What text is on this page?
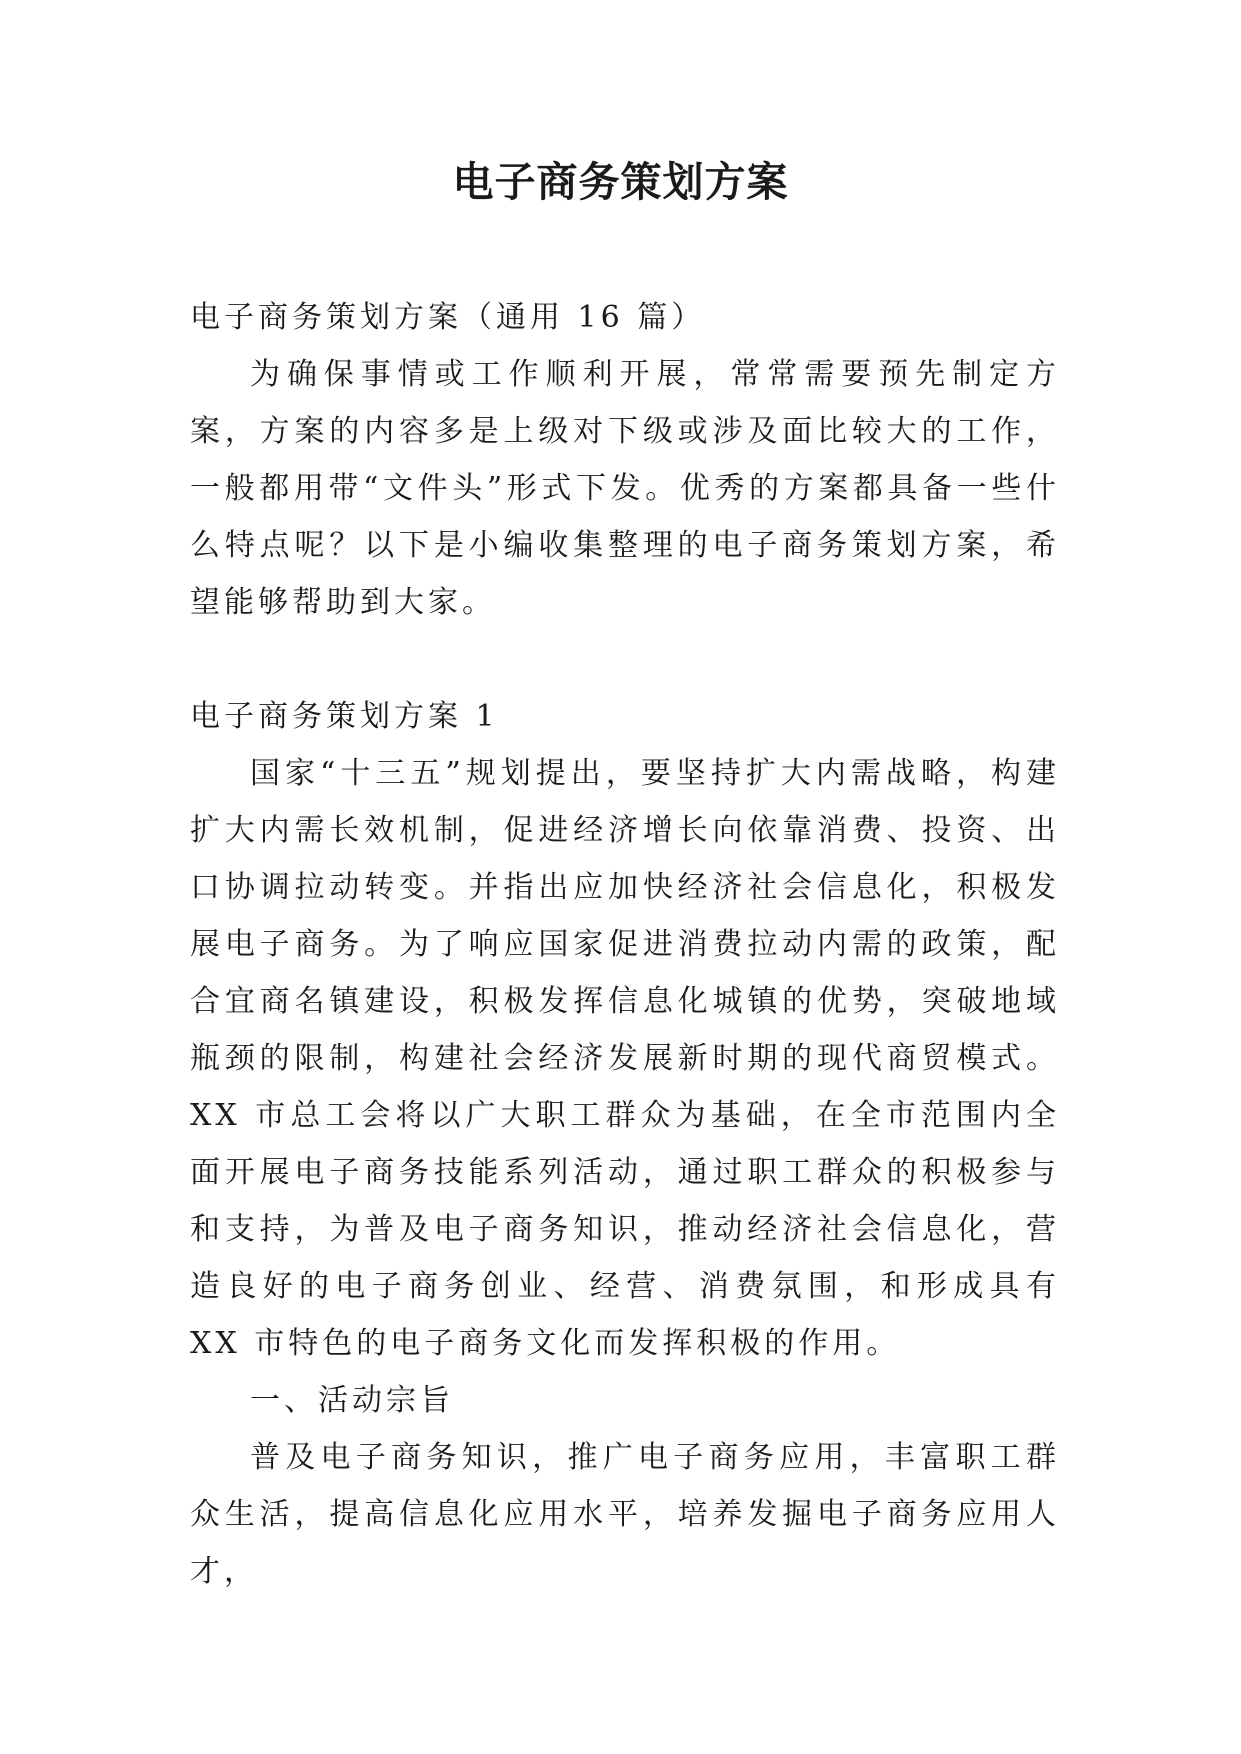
电子商务策划方案

电子商务策划方案（通用 16 篇）

为确保事情或工作顺利开展，常常需要预先制定方案，方案的内容多是上级对下级或涉及面比较大的工作，一般都用带“文件头”形式下发。优秀的方案都具备一些什么特点呢？以下是小编收集整理的电子商务策划方案，希望能够帮助到大家。

电子商务策划方案 1

国家“十三五”规划提出，要坚持扩大内需战略，构建扩大内需长效机制，促进经济增长向依靠消费、投资、出口协调拉动转变。并指出应加快经济社会信息化，积极发展电子商务。为了响应国家促进消费拉动内需的政策，配合宜商名镇建设，积极发挥信息化城镇的优势，突破地域瓶颈的限制，构建社会经济发展新时期的现代商贸模式。XX 市总工会将以广大职工群众为基础，在全市范围内全面开展电子商务技能系列活动，通过职工群众的积极参与和支持，为普及电子商务知识，推动经济社会信息化，营造良好的电子商务创业、经营、消费氛围，和形成具有 XX 市特色的电子商务文化而发挥积极的作用。

一、活动宗旨

普及电子商务知识，推广电子商务应用，丰富职工群众生活，提高信息化应用水平，培养发掘电子商务应用人才，
